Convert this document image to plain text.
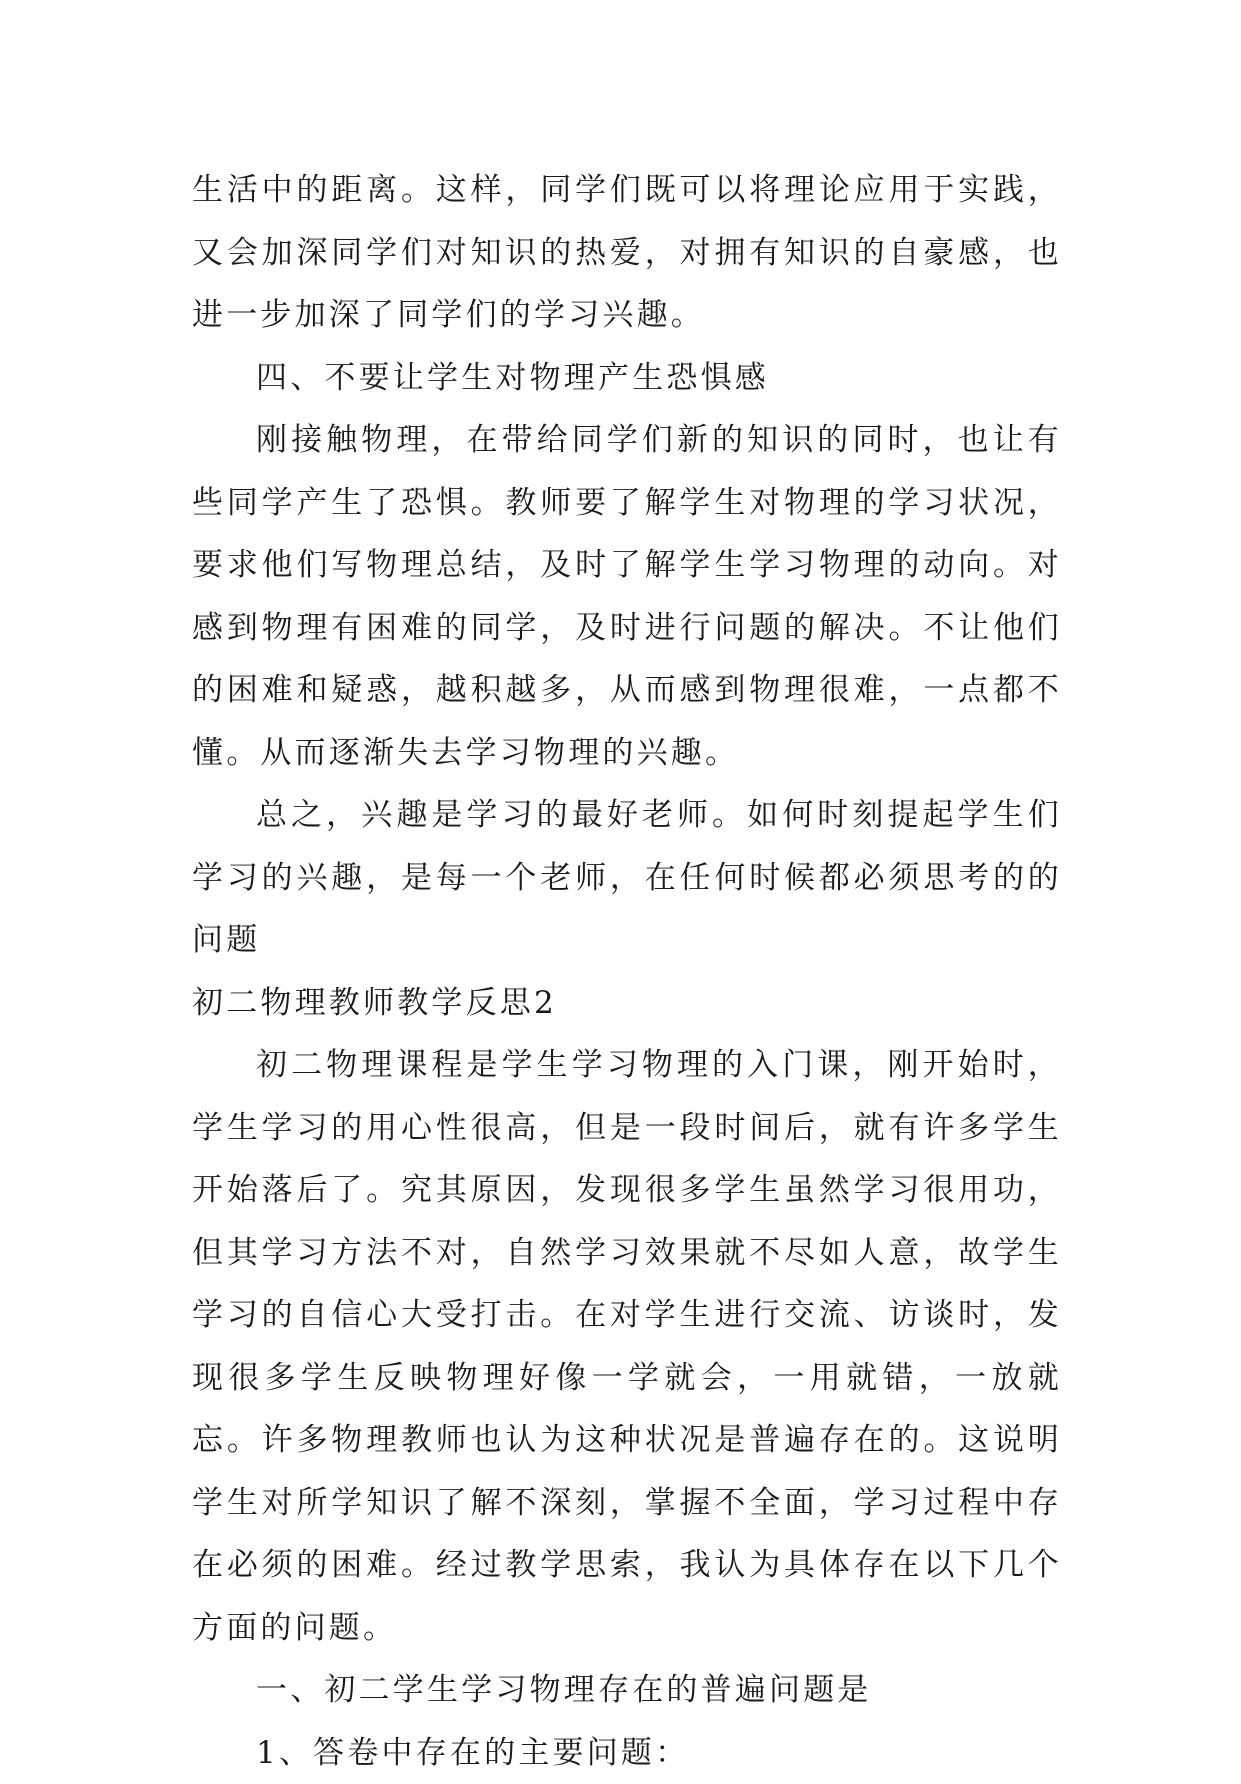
生活中的距离。这样，同学们既可以将理论应用于实践，又会加深同学们对知识的热爱，对拥有知识的自豪感，也进一步加深了同学们的学习兴趣。

四、不要让学生对物理产生恐惧感

刚接触物理，在带给同学们新的知识的同时，也让有些同学产生了恐惧。教师要了解学生对物理的学习状况，要求他们写物理总结，及时了解学生学习物理的动向。对感到物理有困难的同学，及时进行问题的解决。不让他们的困难和疑惑，越积越多，从而感到物理很难，一点都不懂。从而逐渐失去学习物理的兴趣。

总之，兴趣是学习的最好老师。如何时刻提起学生们学习的兴趣，是每一个老师，在任何时候都必须思考的的问题

初二物理教师教学反思2

初二物理课程是学生学习物理的入门课，刚开始时，学生学习的用心性很高，但是一段时间后，就有许多学生开始落后了。究其原因，发现很多学生虽然学习很用功，但其学习方法不对，自然学习效果就不尽如人意，故学生学习的自信心大受打击。在对学生进行交流、访谈时，发现很多学生反映物理好像一学就会，一用就错，一放就忘。许多物理教师也认为这种状况是普遍存在的。这说明学生对所学知识了解不深刻，掌握不全面，学习过程中存在必须的困难。经过教学思索，我认为具体存在以下几个方面的问题。

一、初二学生学习物理存在的普遍问题是

1、答卷中存在的主要问题：
